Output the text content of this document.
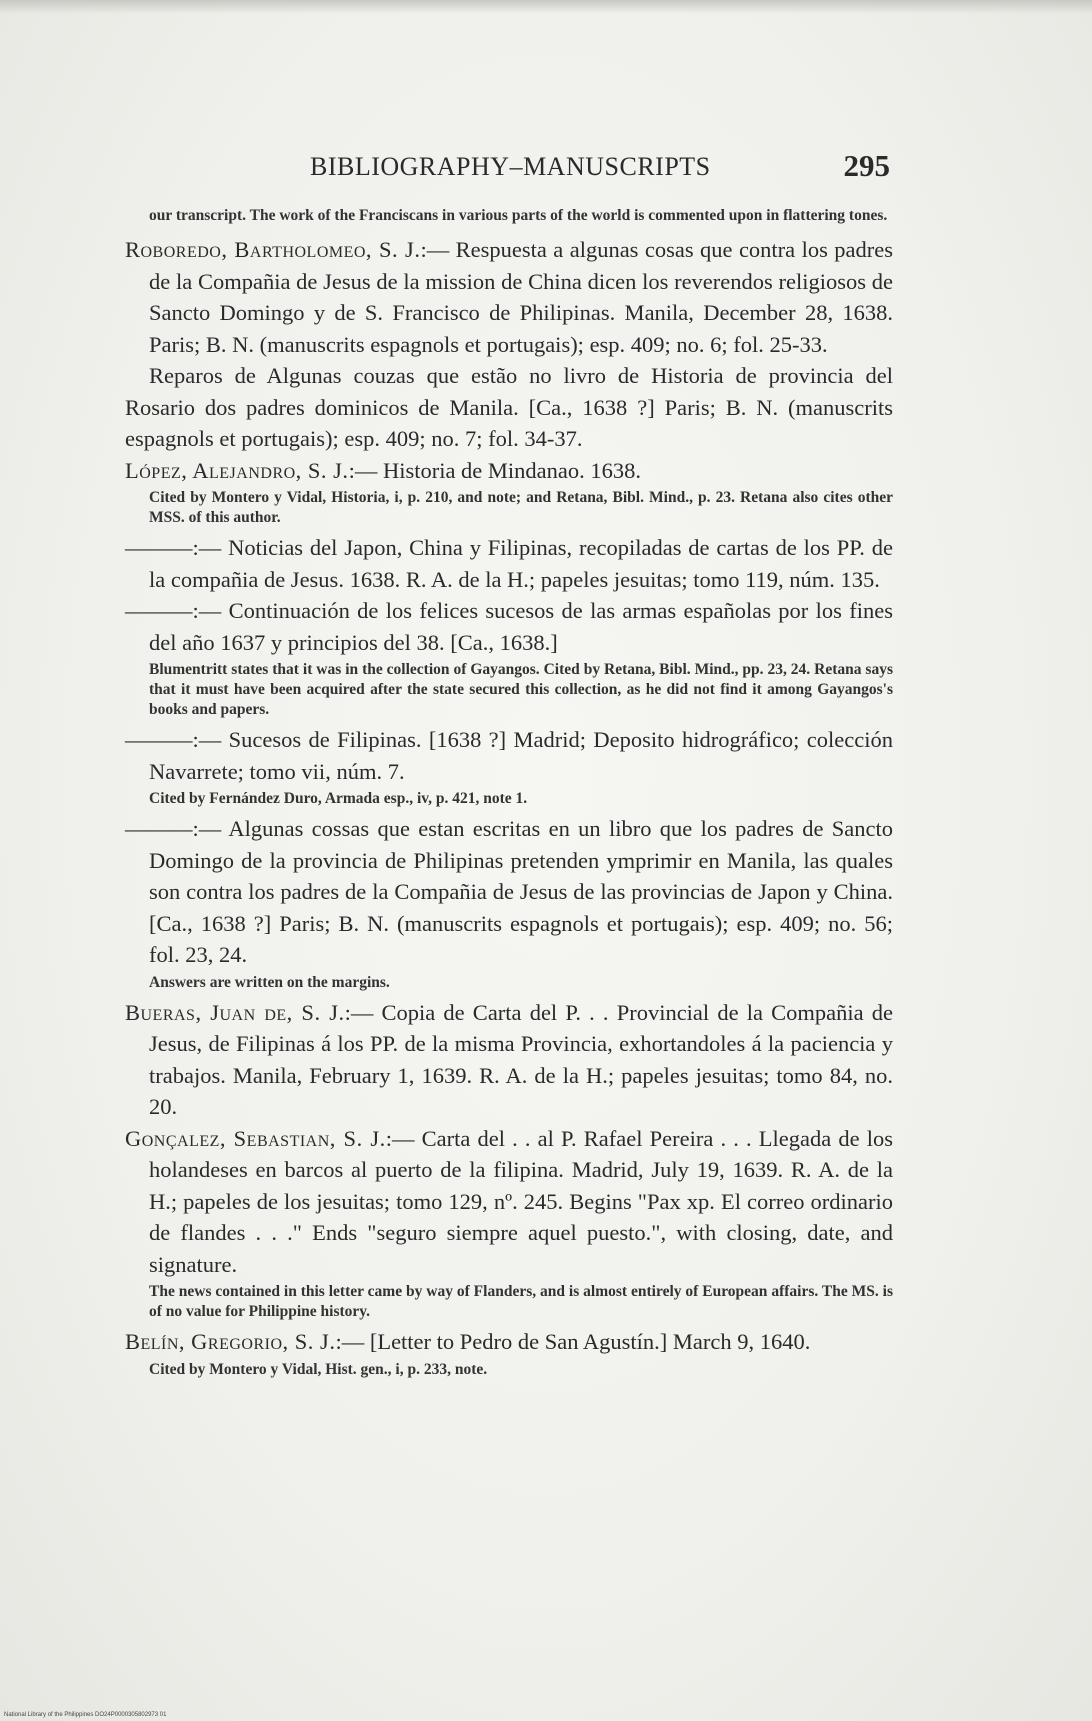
BIBLIOGRAPHY–MANUSCRIPTS	295

our transcript. The work of the Franciscans in various parts of the world is commented upon in flattering tones.

Roboredo, Bartholomeo, S. J.:— Respuesta a algunas cosas que contra los padres de la Compañia de Jesus de la mission de China dicen los reverendos religiosos de Sancto Domingo y de S. Francisco de Philipinas. Manila, December 28, 1638. Paris; B. N. (manuscrits espagnols et portugais); esp. 409; no. 6; fol. 25-33.

Reparos de Algunas couzas que estão no livro de Historia de provincia del Rosario dos padres dominicos de Manila. [Ca., 1638 ?] Paris; B. N. (manuscrits espagnols et portugais); esp. 409; no. 7; fol. 34-37.

López, Alejandro, S. J.:— Historia de Mindanao. 1638.

Cited by Montero y Vidal, Historia, i, p. 210, and note; and Retana, Bibl. Mind., p. 23. Retana also cites other MSS. of this author.

———:— Noticias del Japon, China y Filipinas, recopiladas de cartas de los PP. de la compañia de Jesus. 1638. R. A. de la H.; papeles jesuitas; tomo 119, núm. 135.

———:— Continuación de los felices sucesos de las armas españolas por los fines del año 1637 y principios del 38. [Ca., 1638.]

Blumentritt states that it was in the collection of Gayangos. Cited by Retana, Bibl. Mind., pp. 23, 24. Retana says that it must have been acquired after the state secured this collection, as he did not find it among Gayangos's books and papers.

———:— Sucesos de Filipinas. [1638 ?] Madrid; Deposito hidrográfico; colección Navarrete; tomo vii, núm. 7.

Cited by Fernández Duro, Armada esp., iv, p. 421, note 1.

———:— Algunas cossas que estan escritas en un libro que los padres de Sancto Domingo de la provincia de Philipinas pretenden ymprimir en Manila, las quales son contra los padres de la Compañia de Jesus de las provincias de Japon y China. [Ca., 1638 ?] Paris; B. N. (manuscrits espagnols et portugais); esp. 409; no. 56; fol. 23, 24.

Answers are written on the margins.

Bueras, Juan de, S. J.:— Copia de Carta del P. . . Provincial de la Compañia de Jesus, de Filipinas á los PP. de la misma Provincia, exhortandoles á la paciencia y trabajos. Manila, February 1, 1639. R. A. de la H.; papeles jesuitas; tomo 84, no. 20.

Gonçalez, Sebastian, S. J.:— Carta del . . al P. Rafael Pereira . . . Llegada de los holandeses en barcos al puerto de la filipina. Madrid, July 19, 1639. R. A. de la H.; papeles de los jesuitas; tomo 129, nº. 245. Begins "Pax xp. El correo ordinario de flandes . . ." Ends "seguro siempre aquel puesto.", with closing, date, and signature.

The news contained in this letter came by way of Flanders, and is almost entirely of European affairs. The MS. is of no value for Philippine history.

Belín, Gregorio, S. J.:— [Letter to Pedro de San Agustín.] March 9, 1640.

Cited by Montero y Vidal, Hist. gen., i, p. 233, note.

National Library of the Philippines DO24P0000305802973 01
